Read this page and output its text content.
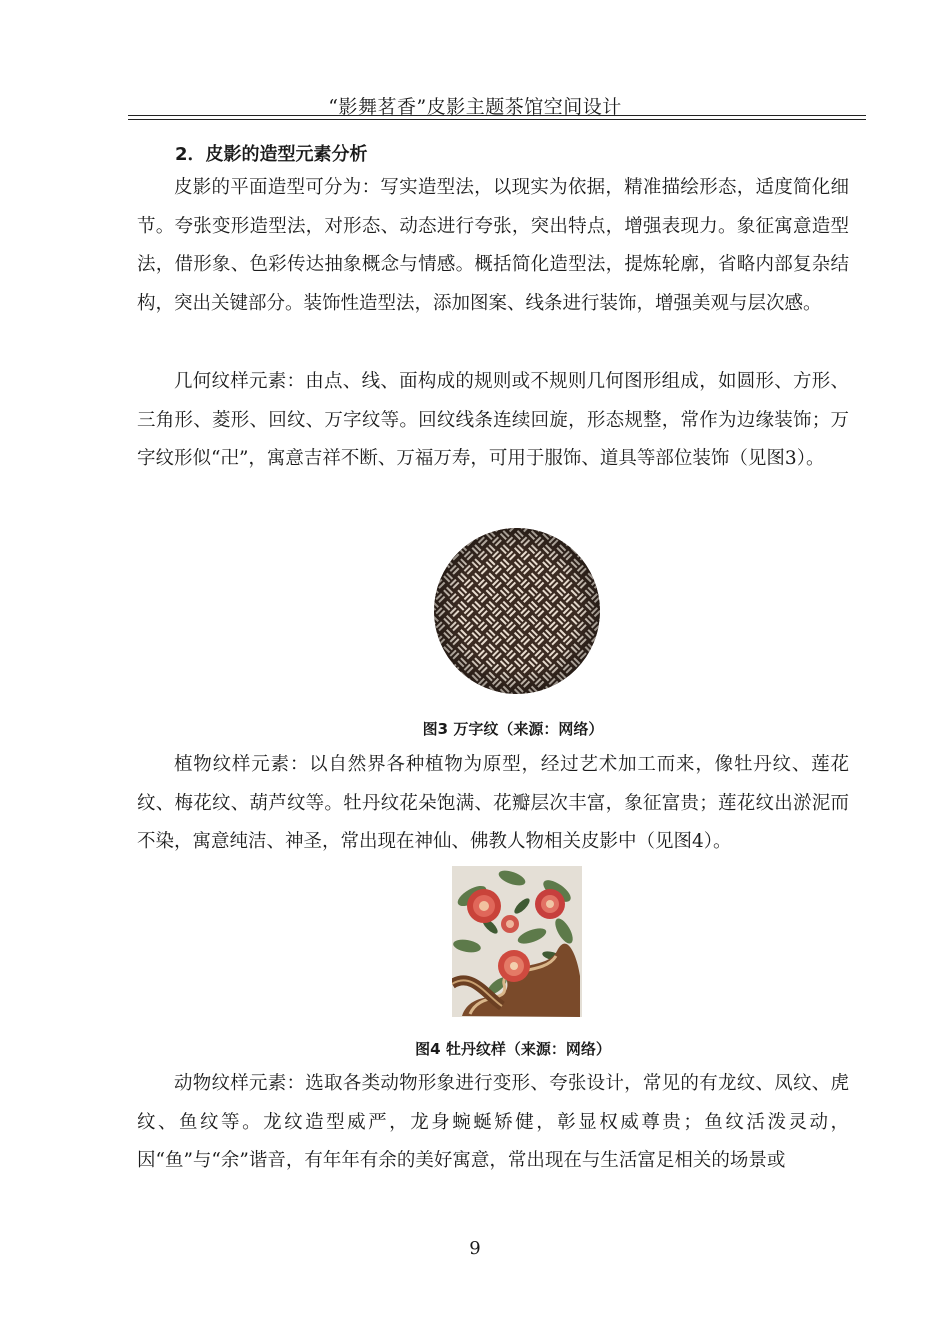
“影舞茗香”皮影主题茶馆空间设计
2．皮影的造型元素分析

皮影的平面造型可分为：写实造型法，以现实为依据，精准描绘形态，适度简化细节。夸张变形造型法，对形态、动态进行夸张，突出特点，增强表现力。象征寓意造型法，借形象、色彩传达抽象概念与情感。概括简化造型法，提炼轮廓，省略内部复杂结构，突出关键部分。装饰性造型法，添加图案、线条进行装饰，增强美观与层次感。

几何纹样元素：由点、线、面构成的规则或不规则几何图形组成，如圆形、方形、三角形、菱形、回纹、万字纹等。回纹线条连续回旋，形态规整，常作为边缘装饰；万字纹形似“卍”，寓意吉祥不断、万福万寿，可用于服饰、道具等部位装饰（见图3）。

图3 万字纹（来源：网络）

植物纹样元素：以自然界各种植物为原型，经过艺术加工而来，像牡丹纹、莲花纹、梅花纹、葫芦纹等。牡丹纹花朵饱满、花瓣层次丰富，象征富贵；莲花纹出淤泥而不染，寓意纯洁、神圣，常出现在神仙、佛教人物相关皮影中（见图4）。

图4 牡丹纹样（来源：网络）

动物纹样元素：选取各类动物形象进行变形、夸张设计，常见的有龙纹、凤纹、虎纹、鱼纹等。龙纹造型威严，龙身蜿蜒矫健，彰显权威尊贵；鱼纹活泼灵动，因“鱼”与“余”谐音，有年年有余的美好寓意，常出现在与生活富足相关的场景或

9
